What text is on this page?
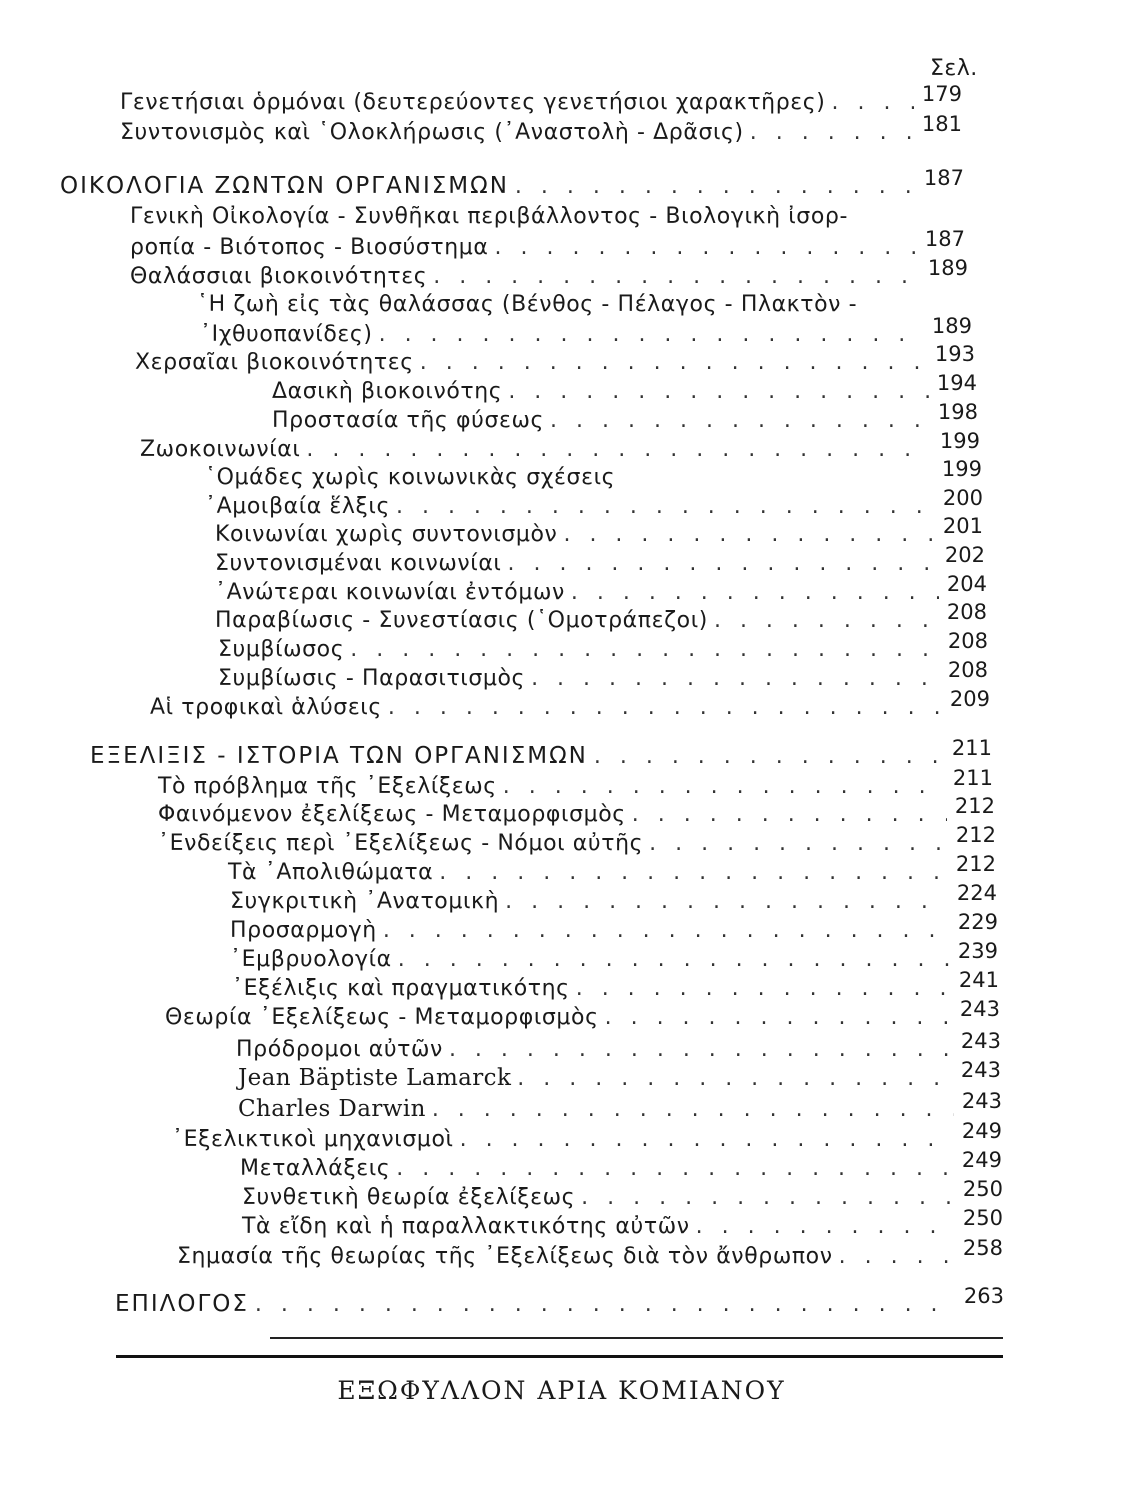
Σελ.
Γενετήσιαι ὁρμόναι (δευτερεύοντες γενετήσιοι χαρακτῆρες) . . .	179
Συντονισμὸς καὶ ῾Ολοκλήρωσις (᾿Αναστολὴ - Δρᾶσις) . . .	181
ΟΙΚΟΛΟΓΙΑ ΖΩΝΤΩΝ ΟΡΓΑΝΙΣΜΩΝ . . .	187
Γενικὴ Οἰκολογία - Συνθῆκαι περιβάλλοντος - Βιολογικὴ ἰσορ-
ροπία - Βιότοπος - Βιοσύστημα . . .	187
Θαλάσσιαι βιοκοινότητες . . .	189
῾Η ζωὴ εἰς τὰς θαλάσσας (Βένθος - Πέλαγος - Πλακτὸν -
᾿Ιχθυοπανίδες) . . .	189
Χερσαῖαι βιοκοινότητες . . .	193
Δασικὴ βιοκοινότης . . .	194
Προστασία τῆς φύσεως . . .	198
Ζωοκοινωνίαι . . .	199
῾Ομάδες χωρὶς κοινωνικὰς σχέσεις	199
᾿Αμοιβαία ἕλξις . . .	200
Κοινωνίαι χωρὶς συντονισμὸν . . .	201
Συντονισμέναι κοινωνίαι . . .	202
᾿Ανώτεραι κοινωνίαι ἐντόμων . . .	204
Παραβίωσις - Συνεστίασις (῾Ομοτράπεζοι) . . .	208
Συμβίωσος . . .	208
Συμβίωσις - Παρασιτισμὸς . . .	208
Αἱ τροφικαὶ ἁλύσεις . . .	209
ΕΞΕΛΙΞΙΣ - ΙΣΤΟΡΙΑ ΤΩΝ ΟΡΓΑΝΙΣΜΩΝ . . .	211
Τὸ πρόβλημα τῆς ᾿Εξελίξεως . . .	211
Φαινόμενον ἐξελίξεως - Μεταμορφισμὸς . . .	212
᾿Ενδείξεις περὶ ᾿Εξελίξεως - Νόμοι αὐτῆς . . .	212
Τὰ ᾿Απολιθώματα . . .	212
Συγκριτικὴ ᾿Ανατομικὴ . . .	224
Προσαρμογὴ . . .	229
᾿Εμβρυολογία . . .	239
᾿Εξέλιξις καὶ πραγματικότης . . .	241
Θεωρία ᾿Εξελίξεως - Μεταμορφισμὸς . . .	243
Πρόδρομοι αὐτῶν . . .	243
Jean Bäptiste Lamarck . . .	243
Charles Darwin . . .	243
᾿Εξελικτικοὶ μηχανισμοὶ . . .	249
Μεταλλάξεις . . .	249
Συνθετικὴ θεωρία ἐξελίξεως . . .	250
Τὰ εἴδη καὶ ἡ παραλλακτικότης αὐτῶν . . .	250
Σημασία τῆς θεωρίας τῆς ᾿Εξελίξεως διὰ τὸν ἄνθρωπον . . .	258
ΕΠΙΛΟΓΟΣ . . .	263
ΕΞΩΦΥΛΛΟΝ ΑΡΙΑ ΚΟΜΙΑΝΟΥ
